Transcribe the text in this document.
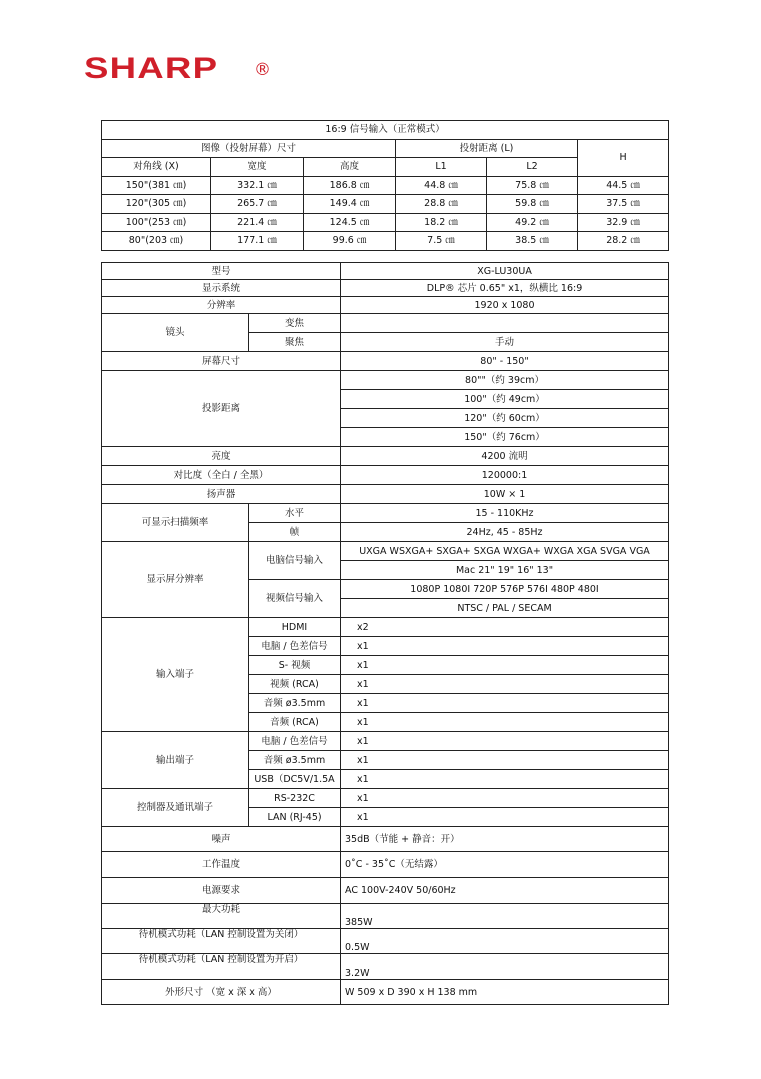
SHARP ®
16:9 信号输入（正常模式）					
图像（投射屏幕）尺寸			投射距离 (L)		H
对角线 (X)	宽度	高度	L1	L2	
150"(381 ㎝)	332.1 ㎝	186.8 ㎝	44.8 ㎝	75.8 ㎝	44.5 ㎝
120"(305 ㎝)	265.7 ㎝	149.4 ㎝	28.8 ㎝	59.8 ㎝	37.5 ㎝
100"(253 ㎝)	221.4 ㎝	124.5 ㎝	18.2 ㎝	49.2 ㎝	32.9 ㎝
80"(203 ㎝)	177.1 ㎝	99.6 ㎝	7.5 ㎝	38.5 ㎝	28.2 ㎝
型号		XG-LU30UA
显示系统		DLP® 芯片 0.65" x1，纵横比 16:9
分辨率		1920 x 1080
镜头	变焦	
	聚焦	手动
屏幕尺寸		80" - 150"
投影距离		80""（约 39cm）
		100"（约 49cm）
		120"（约 60cm）
		150"（约 76cm）
亮度		4200 流明
对比度（全白 / 全黑）		120000:1
扬声器		10W × 1
可显示扫描频率	水平	15 - 110KHz
	帧	24Hz, 45 - 85Hz
显示屏分辨率	电脑信号输入	UXGA WSXGA+ SXGA+ SXGA WXGA+ WXGA XGA SVGA VGA
		Mac 21" 19" 16" 13"
	视频信号输入	1080P 1080I 720P 576P 576I 480P 480I
		NTSC / PAL / SECAM
输入端子	HDMI	x2
	电脑 / 色差信号	x1
	S- 视频	x1
	视频 (RCA)	x1
	音频 ø3.5mm	x1
	音频 (RCA)	x1
输出端子	电脑 / 色差信号	x1
	音频 ø3.5mm	x1
	USB（DC5V/1.5A	x1
控制器及通讯端子	RS-232C	x1
	LAN (RJ-45)	x1
噪声		35dB（节能 + 静音：开）
工作温度		0˚C - 35˚C（无结露）
电源要求		AC 100V-240V 50/60Hz
最大功耗		385W
待机模式功耗（LAN 控制设置为关闭）		0.5W
待机模式功耗（LAN 控制设置为开启）		3.2W
外形尺寸 （宽 x 深 x 高）		W 509 x D 390 x H 138 mm
